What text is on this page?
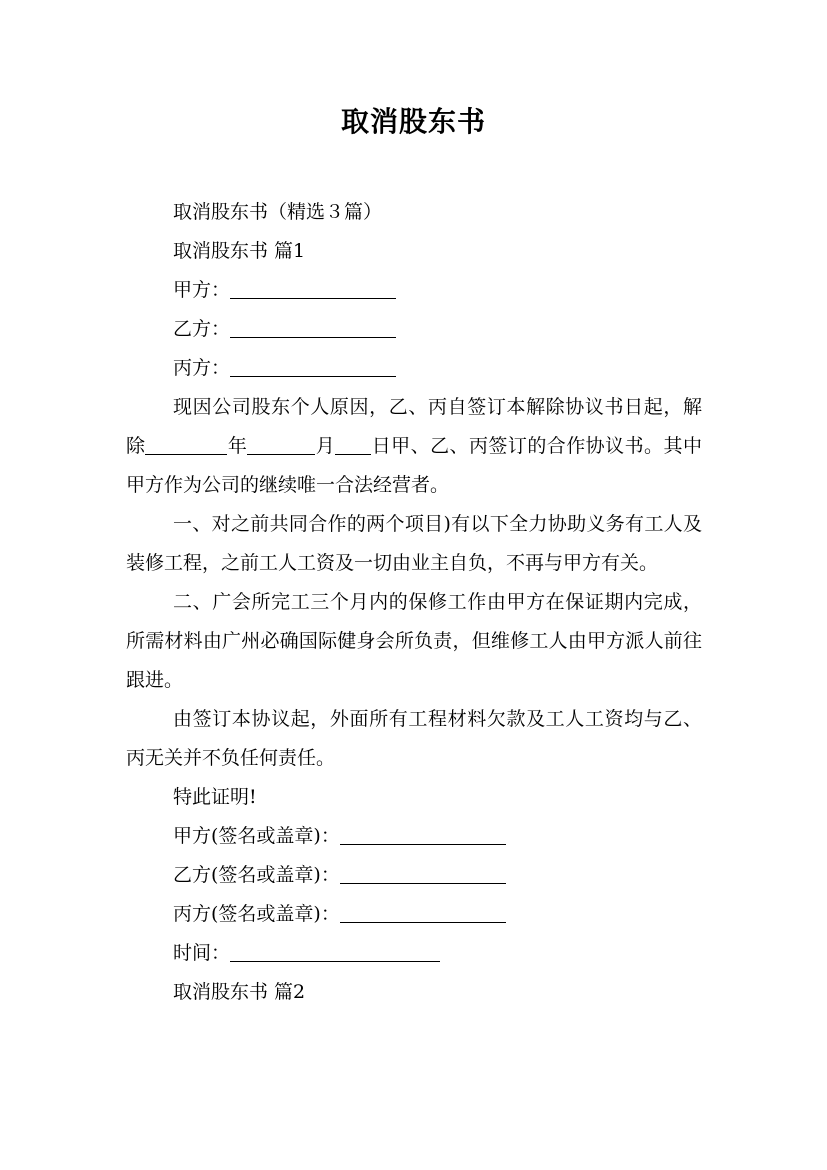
取消股东书
取消股东书（精选３篇）
取消股东书 篇1
甲方：
乙方：
丙方：

现因公司股东个人原因，乙、丙自签订本解除协议书日起，解除	年	月 日甲、乙、丙签订的合作协议书。其中甲方作为公司的继续唯一合法经营者。

一、对之前共同合作的两个项目)有以下全力协助义务有工人及装修工程，之前工人工资及一切由业主自负，不再与甲方有关。

二、广会所完工三个月内的保修工作由甲方在保证期内完成，所需材料由广州必确国际健身会所负责，但维修工人由甲方派人前往跟进。

由签订本协议起，外面所有工程材料欠款及工人工资均与乙、丙无关并不负任何责任。

特此证明!
甲方(签名或盖章)：
乙方(签名或盖章)：
丙方(签名或盖章)：
时间：
取消股东书 篇2
